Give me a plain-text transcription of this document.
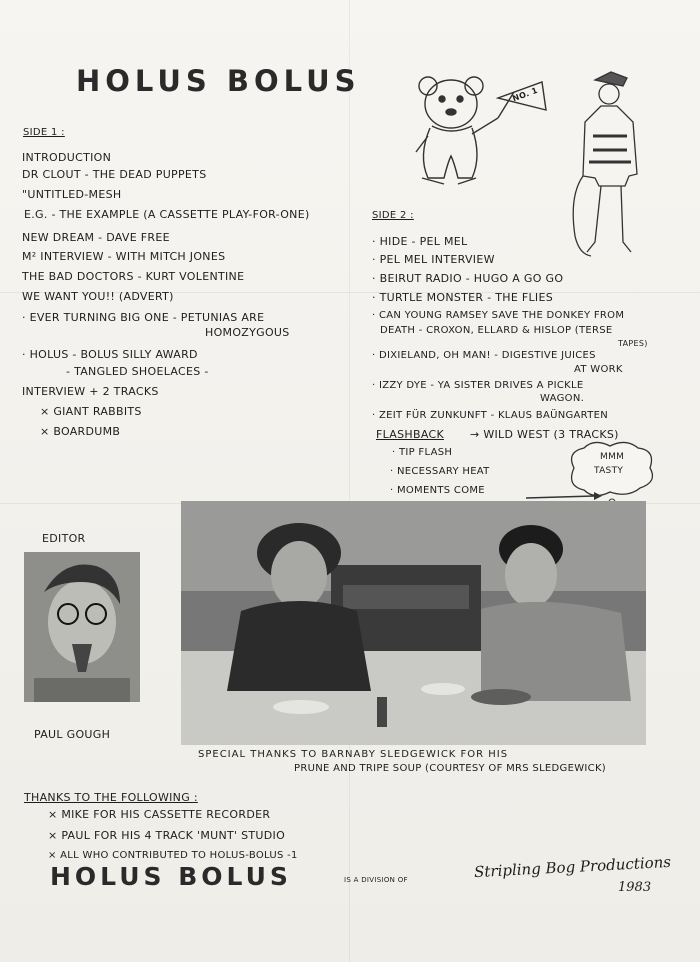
HOLUS BOLUS	NO. 1
SIDE 1 :
INTRODUCTION
DR CLOUT - THE DEAD PUPPETS
"UNTITLED-MESH
E.G. - THE EXAMPLE (A CASSETTE PLAY-FOR-ONE)
NEW DREAM - DAVE FREE
M² INTERVIEW - WITH MITCH JONES
THE BAD DOCTORS - KURT VOLENTINE
WE WANT YOU!! (ADVERT)
· EVER TURNING BIG ONE - PETUNIAS ARE
HOMOZYGOUS
· HOLUS - BOLUS SILLY AWARD
- TANGLED SHOELACES -
INTERVIEW + 2 TRACKS
× GIANT RABBITS
× BOARDUMB
SIDE 2 :
· HIDE - PEL MEL
· PEL MEL INTERVIEW
· BEIRUT RADIO - HUGO A GO GO
· TURTLE MONSTER - THE FLIES
· CAN YOUNG RAMSEY SAVE THE DONKEY FROM
DEATH - CROXON, ELLARD & HISLOP (TERSE
TAPES)
· DIXIELAND, OH MAN! - DIGESTIVE JUICES
AT WORK
· IZZY DYE - YA SISTER DRIVES A PICKLE
WAGON.
· ZEIT FÜR ZUNKUNFT - KLAUS BAÜNGARTEN
FLASHBACK → WILD WEST (3 TRACKS)
· TIP FLASH
· NECESSARY HEAT
· MOMENTS COME
MMM
TASTY
EDITOR
PAUL GOUGH
SPECIAL THANKS TO BARNABY SLEDGEWICK FOR HIS
PRUNE AND TRIPE SOUP (COURTESY OF MRS SLEDGEWICK)
THANKS TO THE FOLLOWING :
× MIKE FOR HIS CASSETTE RECORDER
× PAUL FOR HIS 4 TRACK 'MUNT' STUDIO
× ALL WHO CONTRIBUTED TO HOLUS-BOLUS -1
HOLUS BOLUS	IS A DIVISION OF	Stripling Bog Productions
1983
